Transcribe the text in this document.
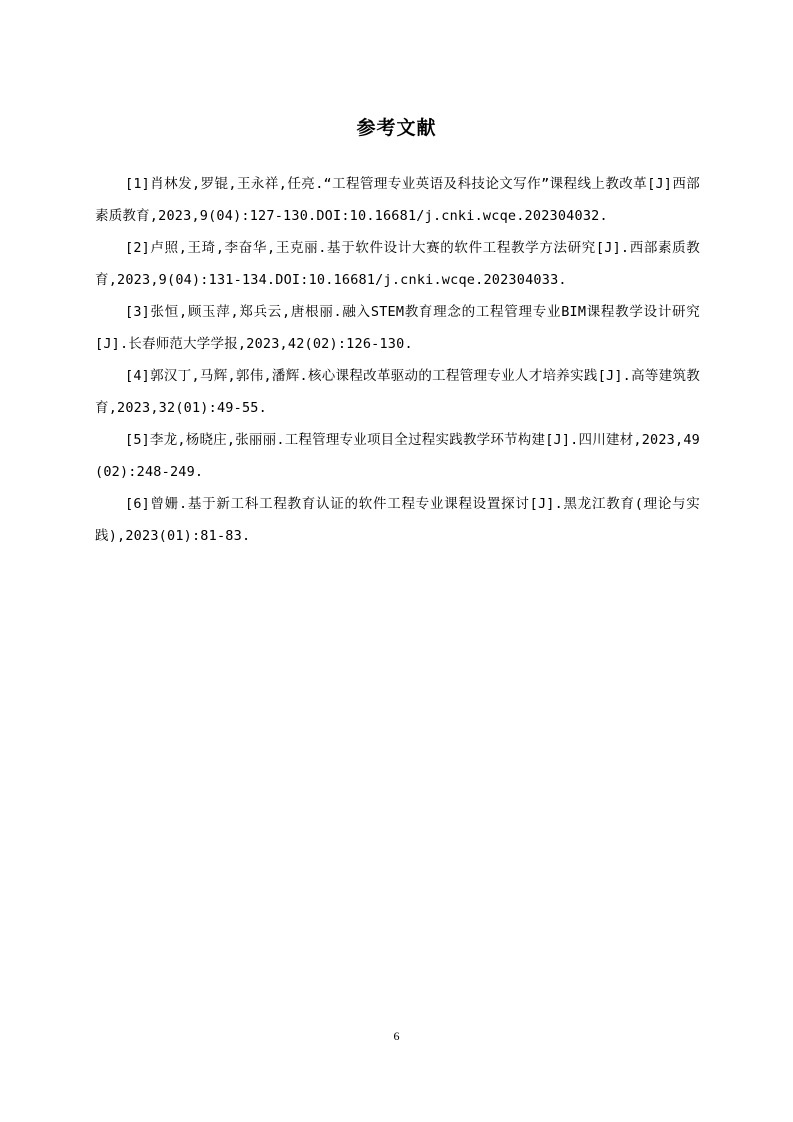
参考文献
[1]肖林发,罗锟,王永祥,任亮.“工程管理专业英语及科技论文写作”课程线上教改革[J]西部素质教育,2023,9(04):127-130.DOI:10.16681/j.cnki.wcqe.202304032.
[2]卢照,王琦,李奋华,王克丽.基于软件设计大赛的软件工程教学方法研究[J].西部素质教育,2023,9(04):131-134.DOI:10.16681/j.cnki.wcqe.202304033.
[3]张恒,顾玉萍,郑兵云,唐根丽.融入STEM教育理念的工程管理专业BIM课程教学设计研究[J].长春师范大学学报,2023,42(02):126-130.
[4]郭汉丁,马辉,郭伟,潘辉.核心课程改革驱动的工程管理专业人才培养实践[J].高等建筑教育,2023,32(01):49-55.
[5]李龙,杨晓庄,张丽丽.工程管理专业项目全过程实践教学环节构建[J].四川建材,2023,49(02):248-249.
[6]曾姗.基于新工科工程教育认证的软件工程专业课程设置探讨[J].黑龙江教育(理论与实践),2023(01):81-83.
6
